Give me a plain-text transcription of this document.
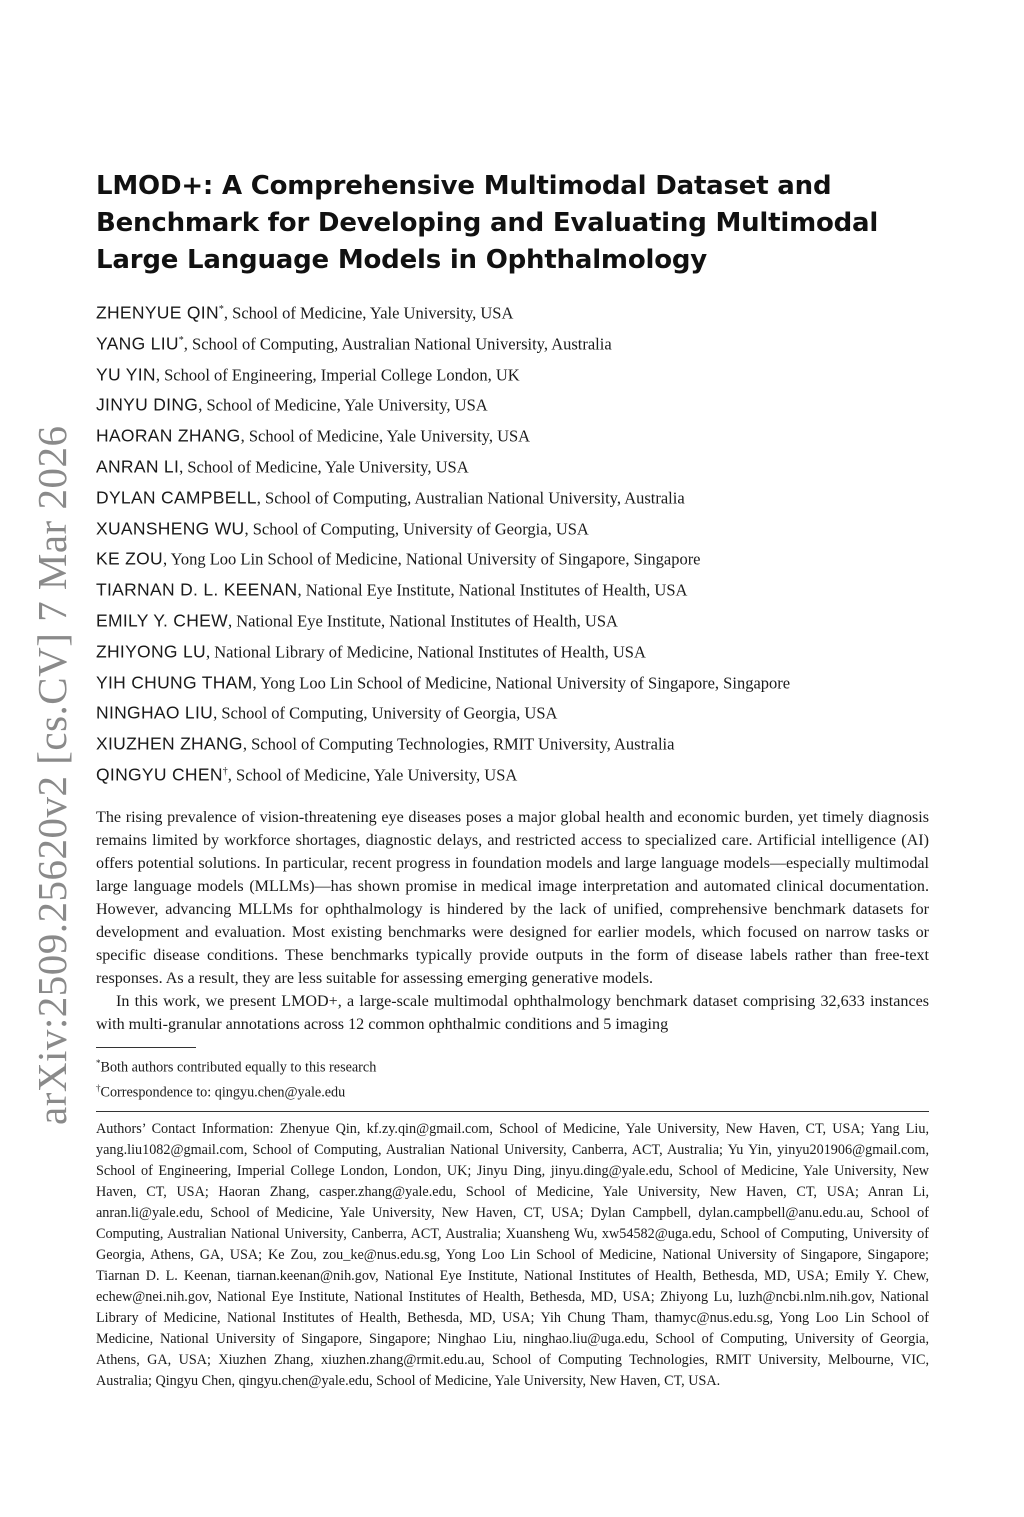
arXiv:2509.25620v2 [cs.CV] 7 Mar 2026
LMOD+: A Comprehensive Multimodal Dataset and Benchmark for Developing and Evaluating Multimodal Large Language Models in Ophthalmology
ZHENYUE QIN*, School of Medicine, Yale University, USA
YANG LIU*, School of Computing, Australian National University, Australia
YU YIN, School of Engineering, Imperial College London, UK
JINYU DING, School of Medicine, Yale University, USA
HAORAN ZHANG, School of Medicine, Yale University, USA
ANRAN LI, School of Medicine, Yale University, USA
DYLAN CAMPBELL, School of Computing, Australian National University, Australia
XUANSHENG WU, School of Computing, University of Georgia, USA
KE ZOU, Yong Loo Lin School of Medicine, National University of Singapore, Singapore
TIARNAN D. L. KEENAN, National Eye Institute, National Institutes of Health, USA
EMILY Y. CHEW, National Eye Institute, National Institutes of Health, USA
ZHIYONG LU, National Library of Medicine, National Institutes of Health, USA
YIH CHUNG THAM, Yong Loo Lin School of Medicine, National University of Singapore, Singapore
NINGHAO LIU, School of Computing, University of Georgia, USA
XIUZHEN ZHANG, School of Computing Technologies, RMIT University, Australia
QINGYU CHEN†, School of Medicine, Yale University, USA

The rising prevalence of vision-threatening eye diseases poses a major global health and economic burden, yet timely diagnosis remains limited by workforce shortages, diagnostic delays, and restricted access to specialized care. Artificial intelligence (AI) offers potential solutions. In particular, recent progress in foundation models and large language models—especially multimodal large language models (MLLMs)—has shown promise in medical image interpretation and automated clinical documentation. However, advancing MLLMs for ophthalmology is hindered by the lack of unified, comprehensive benchmark datasets for development and evaluation. Most existing benchmarks were designed for earlier models, which focused on narrow tasks or specific disease conditions. These benchmarks typically provide outputs in the form of disease labels rather than free-text responses. As a result, they are less suitable for assessing emerging generative models.

In this work, we present LMOD+, a large-scale multimodal ophthalmology benchmark dataset comprising 32,633 instances with multi-granular annotations across 12 common ophthalmic conditions and 5 imaging

*Both authors contributed equally to this research
†Correspondence to: qingyu.chen@yale.edu
Authors’ Contact Information: Zhenyue Qin, kf.zy.qin@gmail.com, School of Medicine, Yale University, New Haven, CT, USA; Yang Liu, yang.liu1082@gmail.com, School of Computing, Australian National University, Canberra, ACT, Australia; Yu Yin, yinyu201906@gmail.com, School of Engineering, Imperial College London, London, UK; Jinyu Ding, jinyu.ding@yale.edu, School of Medicine, Yale University, New Haven, CT, USA; Haoran Zhang, casper.zhang@yale.edu, School of Medicine, Yale University, New Haven, CT, USA; Anran Li, anran.li@yale.edu, School of Medicine, Yale University, New Haven, CT, USA; Dylan Campbell, dylan.campbell@anu.edu.au, School of Computing, Australian National University, Canberra, ACT, Australia; Xuansheng Wu, xw54582@uga.edu, School of Computing, University of Georgia, Athens, GA, USA; Ke Zou, zou_ke@nus.edu.sg, Yong Loo Lin School of Medicine, National University of Singapore, Singapore; Tiarnan D. L. Keenan, tiarnan.keenan@nih.gov, National Eye Institute, National Institutes of Health, Bethesda, MD, USA; Emily Y. Chew, echew@nei.nih.gov, National Eye Institute, National Institutes of Health, Bethesda, MD, USA; Zhiyong Lu, luzh@ncbi.nlm.nih.gov, National Library of Medicine, National Institutes of Health, Bethesda, MD, USA; Yih Chung Tham, thamyc@nus.edu.sg, Yong Loo Lin School of Medicine, National University of Singapore, Singapore; Ninghao Liu, ninghao.liu@uga.edu, School of Computing, University of Georgia, Athens, GA, USA; Xiuzhen Zhang, xiuzhen.zhang@rmit.edu.au, School of Computing Technologies, RMIT University, Melbourne, VIC, Australia; Qingyu Chen, qingyu.chen@yale.edu, School of Medicine, Yale University, New Haven, CT, USA.
